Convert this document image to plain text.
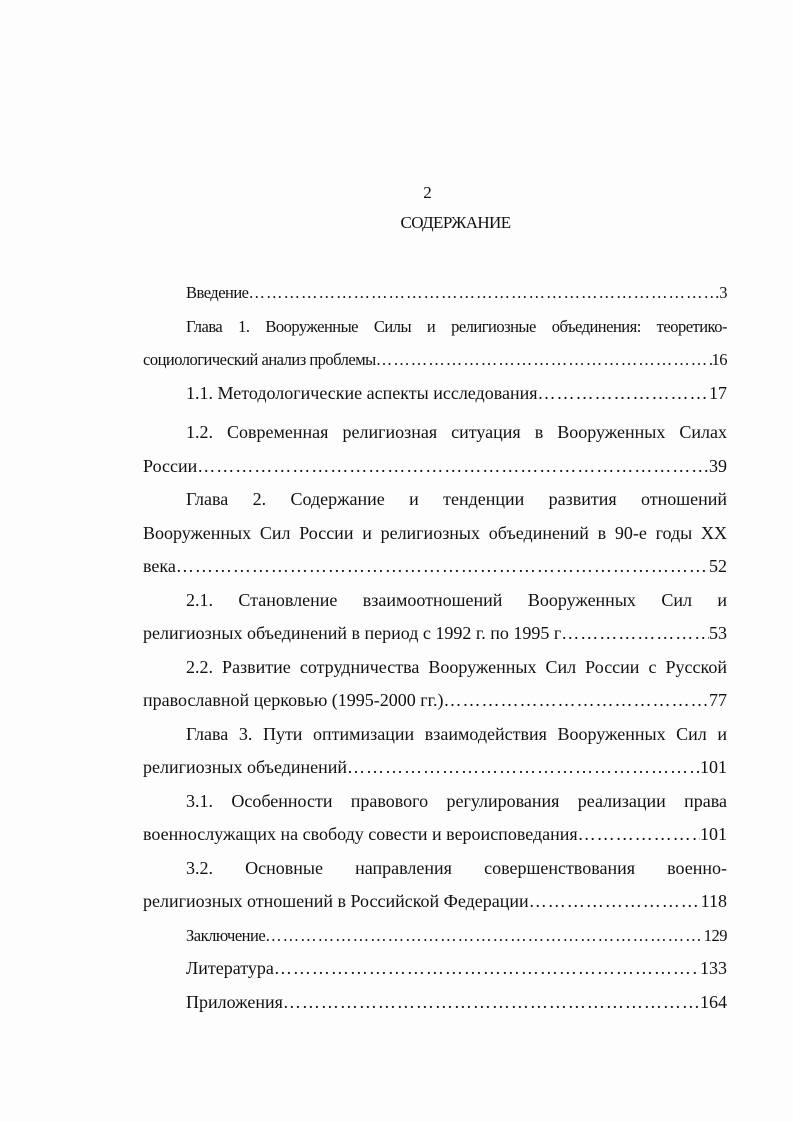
2
СОДЕРЖАНИЕ
Введение ……………………………………………………………………………………………………………………………………	3
Глава 1. Вооруженные Силы и религиозные объединения: теоретико-
социологический анализ проблемы ……………………………………………………………………………………………………………………………………	16
1.1. Методологические аспекты исследования ……………………………………………………………………………………………………………………………………	17
1.2. Современная религиозная ситуация в Вооруженных Силах
России ……………………………………………………………………………………………………………………………………	39
Глава 2. Содержание и тенденции развития отношений
Вооруженных Сил России и религиозных объединений в 90-е годы XX
века ……………………………………………………………………………………………………………………………………	52
2.1. Становление взаимоотношений Вооруженных Сил и
религиозных объединений в период с 1992 г. по 1995 г ……………………………………………………………………………………………………………………………………	53
2.2. Развитие сотрудничества Вооруженных Сил России с Русской
православной церковью (1995-2000 гг.) ……………………………………………………………………………………………………………………………………	77
Глава 3. Пути оптимизации взаимодействия Вооруженных Сил и
религиозных объединений ……………………………………………………………………………………………………………………………………	101
3.1. Особенности правового регулирования реализации права
военнослужащих на свободу совести и вероисповедания ……………………………………………………………………………………………………………………………………	101
3.2. Основные направления совершенствования военно-
религиозных отношений в Российской Федерации ……………………………………………………………………………………………………………………………………	118
Заключение ……………………………………………………………………………………………………………………………………	129
Литература ……………………………………………………………………………………………………………………………………	133
Приложения ……………………………………………………………………………………………………………………………………	164
